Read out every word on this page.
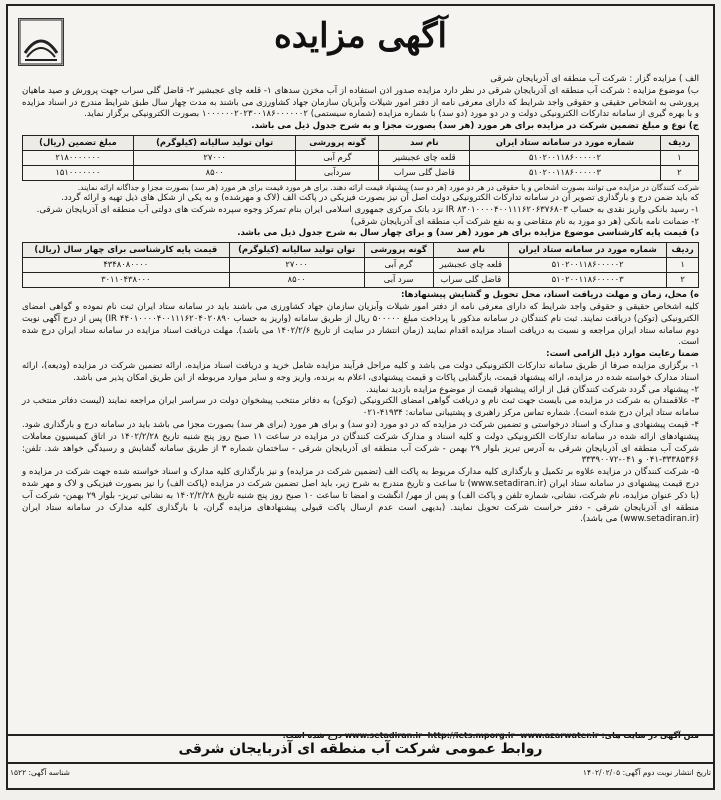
آگهی مزایده

الف ) مزایده گزار : شرکت آب منطقه ای آذربایجان شرقی

ب) موضوع مزایده : شرکت آب منطقه ای آذربایجان شرقی در نظر دارد مزایده صدور اذن استفاده از آب مخزن سدهای ۱- قلعه چای عجبشیر ۲- قاضل گلی سراب جهت پرورش و صید ماهیان پرورشی به اشخاص حقیقی و حقوقی واجد شرایط که دارای معرفی نامه از دفتر امور شیلات وآبزیان سازمان جهاد کشاورزی می باشند به مدت چهار سال طبق شرایط مندرج در اسناد مزایده و با بهره گیری از سامانه تدارکات الکترونیکی دولت و در دو مورد (دو سد) با شماره مزایده (شماره سیستمی) ۱۰۰۰۰۰۰۲۰۲۳۰۰۱۸۶۰۰۰۰۰۰۲ بصورت الکترونیکی برگزار نماید.

ج) نوع و مبلغ تضمین شرکت در مزایده برای هر مورد (هر سد) بصورت مجزا و به شرح جدول ذیل می باشد.

ردیف	شماره مورد در سامانه ستاد ایران	نام سد	گونه پرورشی	توان تولید سالیانه (کیلوگرم)	مبلغ تضمین (ریال)
۱	۵۱۰۲۰۰۱۱۸۶۰۰۰۰۰۲	قلعه چای عجبشیر	گرم آبی	۲۷۰۰۰	۲۱۸۰۰۰۰۰۰۰
۲	۵۱۰۲۰۰۱۱۸۶۰۰۰۰۰۳	قاضل گلی سراب	سردآبی	۸۵۰۰	۱۵۱۰۰۰۰۰۰۰

شرکت کنندگان در مزایده می توانند بصورت اشخاص و یا حقوقی در هر دو مورد (هر دو سد) پیشنهاد قیمت ارائه دهند. برای هر مورد قیمت برای هر مورد (هر سد) بصورت مجزا و جداگانه ارائه نمایند.

که باید ضمن درج و بارگذاری تصویر آن در سامانه تدارکات الکترونیکی دولت اصل آن نیز بصورت فیزیکی در پاکت الف (لاک و مهرشده) و به یکی از شکل های ذیل تهیه و ارائه گردد.

۱- رسید بانکی واریز نقدی به حساب IR ۸۳۰۱۰۰۰۰۴۰۰۱۱۱۶۲۰۶۳۷۶۸۰۳ نزد بانک مرکزی جمهوری اسلامی ایران بنام تمرکز وجوه سپرده شرکت های دولتی آب منطقه ای آذربایجان شرقی.

۲- ضمانت نامه بانکی (هر دو مورد به نام متقاضی و به نفع شرکت آب منطقه ای آذربایجان شرقی)

د) قیمت پایه کارشناسی موضوع مزایده برای هر مورد (هر سد) و برای چهار سال به شرح جدول ذیل می باشد.

ردیف	شماره مورد در سامانه ستاد ایران	نام سد	گونه پرورشی	توان تولید سالیانه (کیلوگرم)	قیمت پایه کارشناسی برای چهار سال (ریال)
۱	۵۱۰۲۰۰۱۱۸۶۰۰۰۰۰۲	قلعه چای عجبشیر	گرم آبی	۲۷۰۰۰	۴۳۴۸۰۸۰۰۰۰
۲	۵۱۰۲۰۰۱۱۸۶۰۰۰۰۰۳	قاضل گلی سراب	سرد آبی	۸۵۰۰	۳۰۱۱۰۴۳۸۰۰۰

ه) محل، زمان و مهلت دریافت اسناد، محل تحویل و گشایش پیشنهادها:

کلیه اشخاص حقیقی و حقوقی واجد شرایط که دارای معرفی نامه از دفتر امور شیلات وآبزیان سازمان جهاد کشاورزی می باشند باید در سامانه ستاد ایران ثبت نام نموده و گواهی امضای الکترونیکی (توکن) دریافت نمایند. ثبت نام کنندگان در سامانه مذکور با پرداخت مبلغ ۵۰۰۰۰۰ ریال از طریق سامانه (واریز به حساب IR ۴۴۰۱۰۰۰۰۴۰۰۱۱۱۶۲۰۴۰۲۰۸۹۰) پس از درج آگهی نوبت دوم سامانه ستاد ایران مراجعه و نسبت به دریافت اسناد مزایده اقدام نمایند (زمان انتشار در سایت از تاریخ ۱۴۰۲/۲/۶ می باشد). مهلت دریافت اسناد مزایده در سامانه ستاد ایران درج شده است.

ضمنا رعایت موارد ذیل الزامی است:

۱- برگزاری مزایده صرفا از طریق سامانه تدارکات الکترونیکی دولت می باشد و کلیه مراحل فرآیند مزایده شامل خرید و دریافت اسناد مزایده، ارائه تضمین شرکت در مزایده (ودیعه)، ارائه اسناد مدارک خواسته شده در مزایده، ارائه پیشنهاد قیمت، بازگشایی پاکات و قیمت پیشنهادی، اعلام به برنده، واریز وجه و سایر موارد مربوطه از این طریق امکان پذیر می باشد.

۲- پیشنهاد می گردد شرکت کنندگان قبل از ارائه پیشنهاد قیمت از موضوع مزایده بازدید نمایند.

۳- علاقمندان به شرکت در مزایده می بایست جهت ثبت نام و دریافت گواهی امضای الکترونیکی (توکن) به دفاتر منتخب پیشخوان دولت در سراسر ایران مراجعه نمایند (لیست دفاتر منتخب در سامانه ستاد ایران درج شده است). شماره تماس مرکز راهبری و پشتیبانی سامانه: ۴۱۹۳۴-۰۲۱

۴- قیمت پیشنهادی و مدارک و اسناد درخواستی و تضمین شرکت در مزایده که در دو مورد (دو سد) و برای هر مورد (برای هر سد) بصورت مجزا می باشد باید در سامانه درج و بارگذاری شود. پیشنهادهای ارائه شده در سامانه تدارکات الکترونیکی دولت و کلیه اسناد و مدارک شرکت کنندگان در مزایده در ساعت ۱۱ صبح روز پنج شنبه تاریخ ۱۴۰۲/۲/۲۸ در اتاق کمیسیون معاملات شرکت آب منطقه ای آذربایجان شرقی به آدرس تبریز بلوار ۲۹ بهمن - شرکت آب منطقه ای آذربایجان شرقی - ساختمان شماره ۳ از طریق سامانه گشایش و رسیدگی خواهد شد. تلفن: ۳۳۳۸۵۳۶۶-۰۴۱ و ۰۴۱-۳۳۳۹۰۰۷۲

۵- شرکت کنندگان در مزایده علاوه بر تکمیل و بارگذاری کلیه مدارک مربوط به پاکت الف (تضمین شرکت در مزایده) و نیز بارگذاری کلیه مدارک و اسناد خواسته شده جهت شرکت در مزایده و درج قیمت پیشنهادی در سامانه ستاد ایران (www.setadiran.ir) تا ساعت و تاریخ مندرج به شرح زیر، باید اصل تضمین شرکت در مزایده (پاکت الف) را نیز بصورت فیزیکی و لاک و مهر شده (با ذکر عنوان مزایده، نام شرکت، نشانی، شماره تلفن و پاکت الف) و پس از مهر/ انگشت و امضا تا ساعت ۱۰ صبح روز پنج شنبه تاریخ ۱۴۰۲/۲/۲۸ به نشانی تبریز- بلوار ۲۹ بهمن- شرکت آب منطقه ای آذربایجان شرقی - دفتر حراست شرکت تحویل نمایند. (بدیهی است عدم ارسال پاکت قبولی پیشنهادهای مزایده گران، با بارگذاری کلیه مدارک در سامانه ستاد ایران (www.setadiran.ir) می باشد).

متن آگهی در سایت های: www.setadiran.ir ‌‌ http://iets.mporg.ir ‌‌ www.azarwater.ir درج شده است.
روابط عمومی شرکت آب منطقه ای آذربایجان شرقی
تاریخ انتشار نوبت دوم آگهی: ۱۴۰۲/۰۲/۰۵
شناسه آگهی: ۱۵۲۲
